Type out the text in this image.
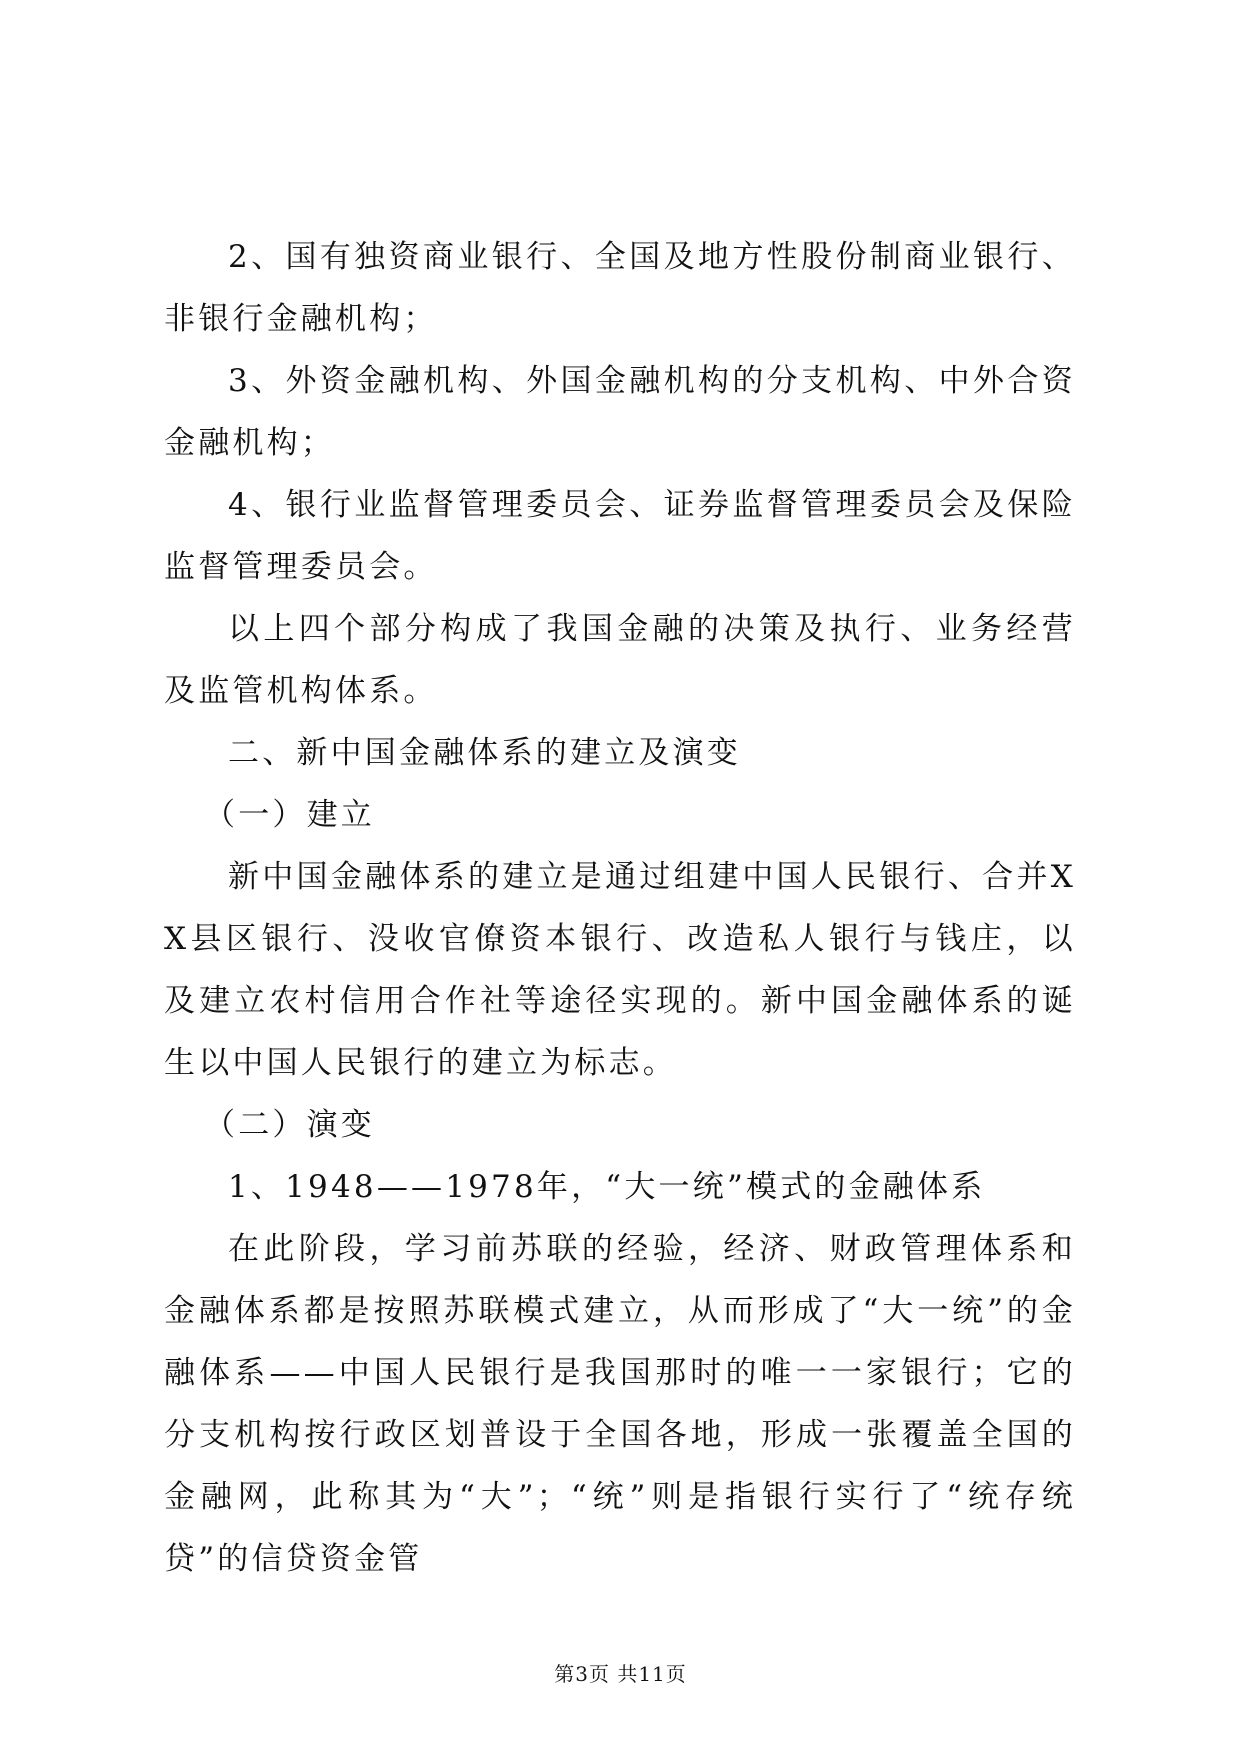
2、国有独资商业银行、全国及地方性股份制商业银行、非银行金融机构；

3、外资金融机构、外国金融机构的分支机构、中外合资金融机构；

4、银行业监督管理委员会、证券监督管理委员会及保险监督管理委员会。

以上四个部分构成了我国金融的决策及执行、业务经营及监管机构体系。

二、新中国金融体系的建立及演变

（一）建立

新中国金融体系的建立是通过组建中国人民银行、合并XX县区银行、没收官僚资本银行、改造私人银行与钱庄，以及建立农村信用合作社等途径实现的。新中国金融体系的诞生以中国人民银行的建立为标志。

（二）演变

1、1948——1978年，“大一统”模式的金融体系

在此阶段，学习前苏联的经验，经济、财政管理体系和金融体系都是按照苏联模式建立，从而形成了“大一统”的金融体系——中国人民银行是我国那时的唯一一家银行；它的分支机构按行政区划普设于全国各地，形成一张覆盖全国的金融网，此称其为“大”；“统”则是指银行实行了“统存统贷”的信贷资金管

第3页 共11页
